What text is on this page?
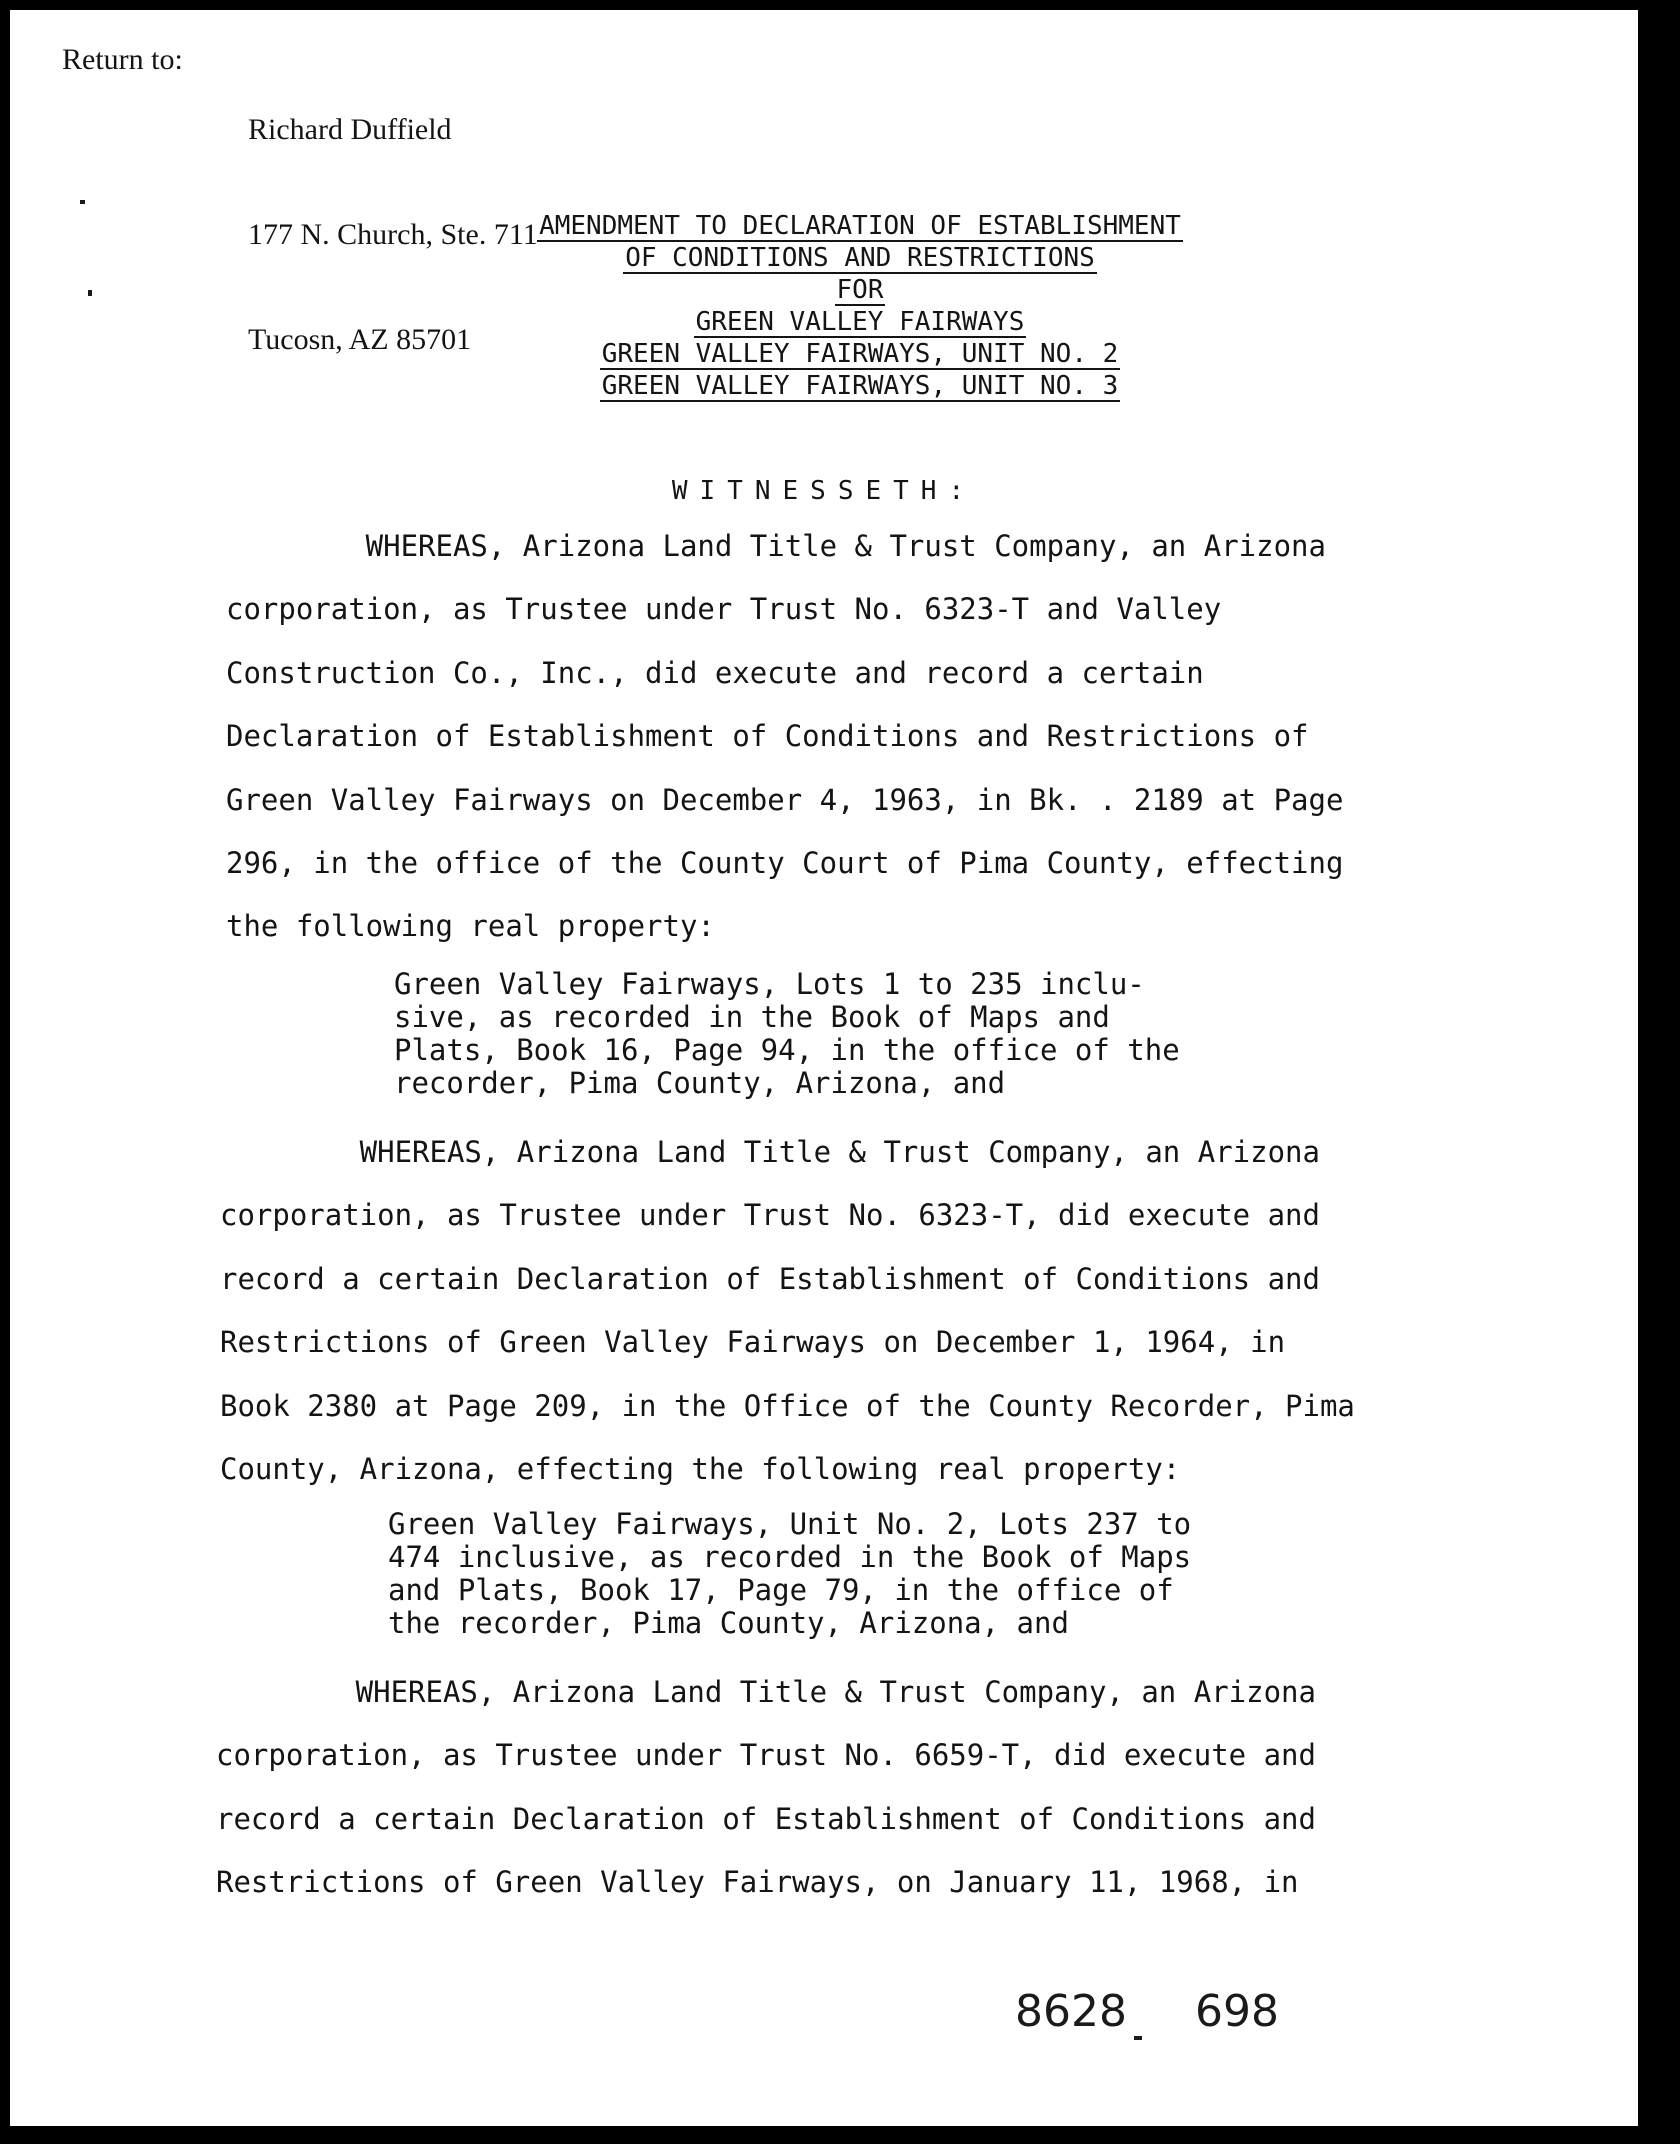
Return to:

Richard Duffield

177 N. Church, Ste. 711

Tucosn, AZ 85701

AMENDMENT TO DECLARATION OF ESTABLISHMENT
OF CONDITIONS AND RESTRICTIONS
FOR
GREEN VALLEY FAIRWAYS
GREEN VALLEY FAIRWAYS, UNIT NO. 2
GREEN VALLEY FAIRWAYS, UNIT NO. 3
WITNESSETH:
WHEREAS, Arizona Land Title & Trust Company, an Arizona
corporation, as Trustee under Trust No. 6323-T and Valley
Construction Co., Inc., did execute and record a certain
Declaration of Establishment of Conditions and Restrictions of
Green Valley Fairways on December 4, 1963, in Bk. . 2189 at Page
296, in the office of the County Court of Pima County, effecting
the following real property:
Green Valley Fairways, Lots 1 to 235 inclu-
sive, as recorded in the Book of Maps and
Plats, Book 16, Page 94, in the office of the
recorder, Pima County, Arizona, and
WHEREAS, Arizona Land Title & Trust Company, an Arizona
corporation, as Trustee under Trust No. 6323-T, did execute and
record a certain Declaration of Establishment of Conditions and
Restrictions of Green Valley Fairways on December 1, 1964, in
Book 2380 at Page 209, in the Office of the County Recorder, Pima
County, Arizona, effecting the following real property:
Green Valley Fairways, Unit No. 2, Lots 237 to
474 inclusive, as recorded in the Book of Maps
and Plats, Book 17, Page 79, in the office of
the recorder, Pima County, Arizona, and
WHEREAS, Arizona Land Title & Trust Company, an Arizona
corporation, as Trustee under Trust No. 6659-T, did execute and
record a certain Declaration of Establishment of Conditions and
Restrictions of Green Valley Fairways, on January 11, 1968, in
8628 698
